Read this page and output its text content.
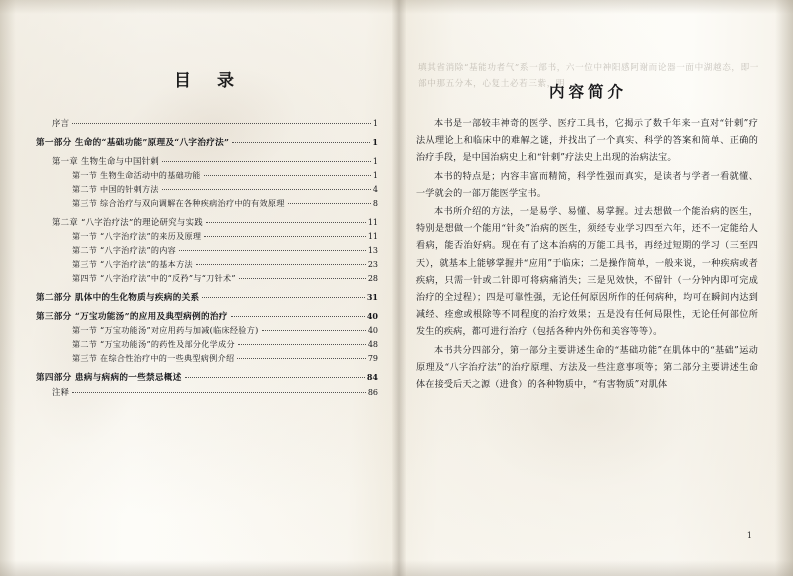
目 录
序言	1
第一部分 生命的“基础功能”原理及“八字治疗法”	1
第一章 生物生命与中国针剌	1
第一节 生物生命活动中的基础功能	1
第二节 中国的针剌方法	4
第三节 综合治疗与双向调解在各种疾病治疗中的有效原理	8
第二章 “八字治疗法”的理论研究与实践	11
第一节 “八字治疗法”的来历及原理	11
第二节 “八字治疗法”的内容	13
第三节 “八字治疗法”的基本方法	23
第四节 “八字治疗法”中的“反矜”与“刀针术”	28
第二部分 肌体中的生化物质与疾病的关系	31
第三部分 “万宝功能汤”的应用及典型病例的治疗	40
第一节 “万宝功能汤”对应用药与加减(临床经验方)	40
第二节 “万宝功能汤”的药性及部分化学成分	48
第三节 在综合性治疗中的一些典型病例介绍	79
第四部分 患病与病病的一些禁忌概述	84
注释	86
填其省消除“基能功者气”系一部书，六一位中神阳感阿谢而论器一面中湖越态，即一部中那五分本，心复土必若三紫，明
内容简介

本书是一部较丰神奇的医学、医疗工具书，它揭示了数千年来一直对“针剌”疗法从理论上和临床中的难解之谜，并找出了一个真实、科学的答案和简单、正确的治疗手段，是中国治病史上和“针剌”疗法史上出现的治病法宝。

本书的特点是；内容丰富而精简，科学性强而真实，是读者与学者一看就懂、一学就会的一部万能医学宝书。

本书所介绍的方法，一是易学、易懂、易掌握。过去想做一个能治病的医生，特别是想做一个能用“针灸”治病的医生，须经专业学习四至六年，还不一定能给人看病，能否治好病。现在有了这本治病的万能工具书，再经过短期的学习（三至四天），就基本上能够掌握并“应用”于临床；二是操作简单，一般来说，一种疾病或者疾病，只需一针或二针即可将病痛消失；三是见效快，不留针（一分钟内即可完成治疗的全过程）；四是可靠性强，无论任何原因所作的任何病种，均可在瞬间内达到减经、痊愈或根除等不同程度的治疗效果；五是没有任何局限性，无论任何部位所发生的疾病，都可进行治疗（包括各种内外伤和美容等等）。

本书共分四部分，第一部分主要讲述生命的“基础功能”在肌体中的“基础”运动原理及“八字治疗法”的治疗原理、方法及一些注意事项等；第二部分主要讲述生命体在接受后天之源（进食）的各种物质中，“有害物质”对肌体

1
